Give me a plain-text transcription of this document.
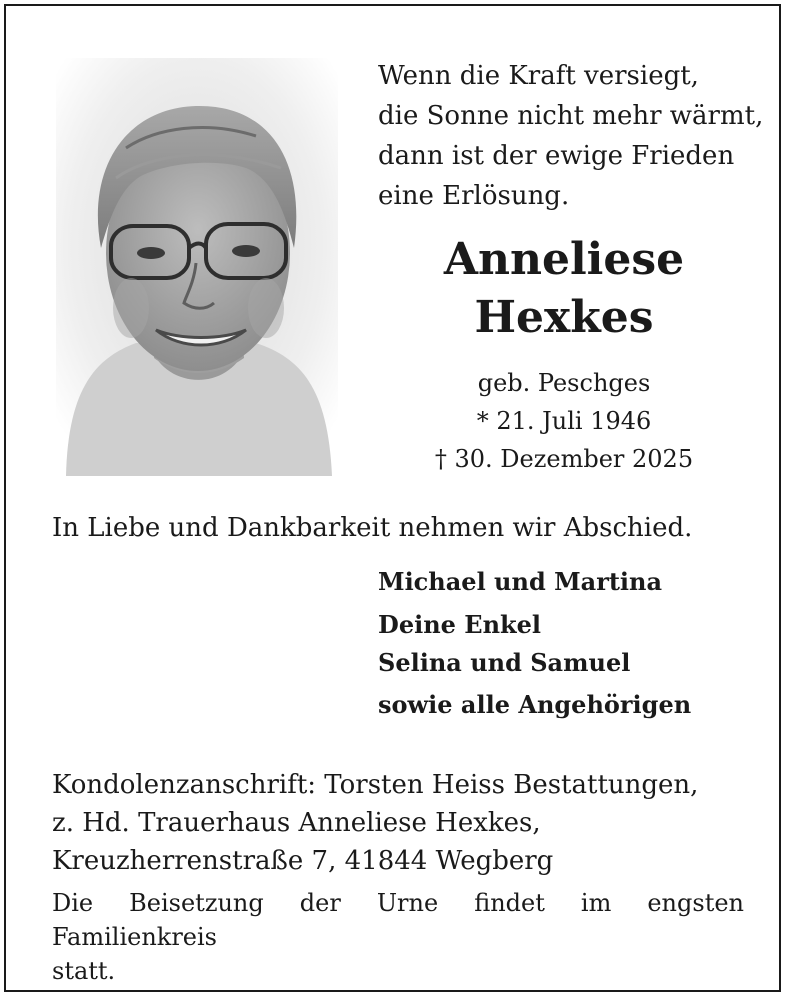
Wenn die Kraft versiegt,
die Sonne nicht mehr wärmt,
dann ist der ewige Frieden
eine Erlösung.
Anneliese
Hexkes
geb. Peschges
* 21. Juli 1946
† 30. Dezember 2025
In Liebe und Dankbarkeit nehmen wir Abschied.
Michael und Martina
Deine Enkel
Selina und Samuel
sowie alle Angehörigen
Kondolenzanschrift: Torsten Heiss Bestattungen,
z. Hd. Trauerhaus Anneliese Hexkes,
Kreuzherrenstraße 7, 41844 Wegberg
Die Beisetzung der Urne findet im engsten Familienkreis
statt.
